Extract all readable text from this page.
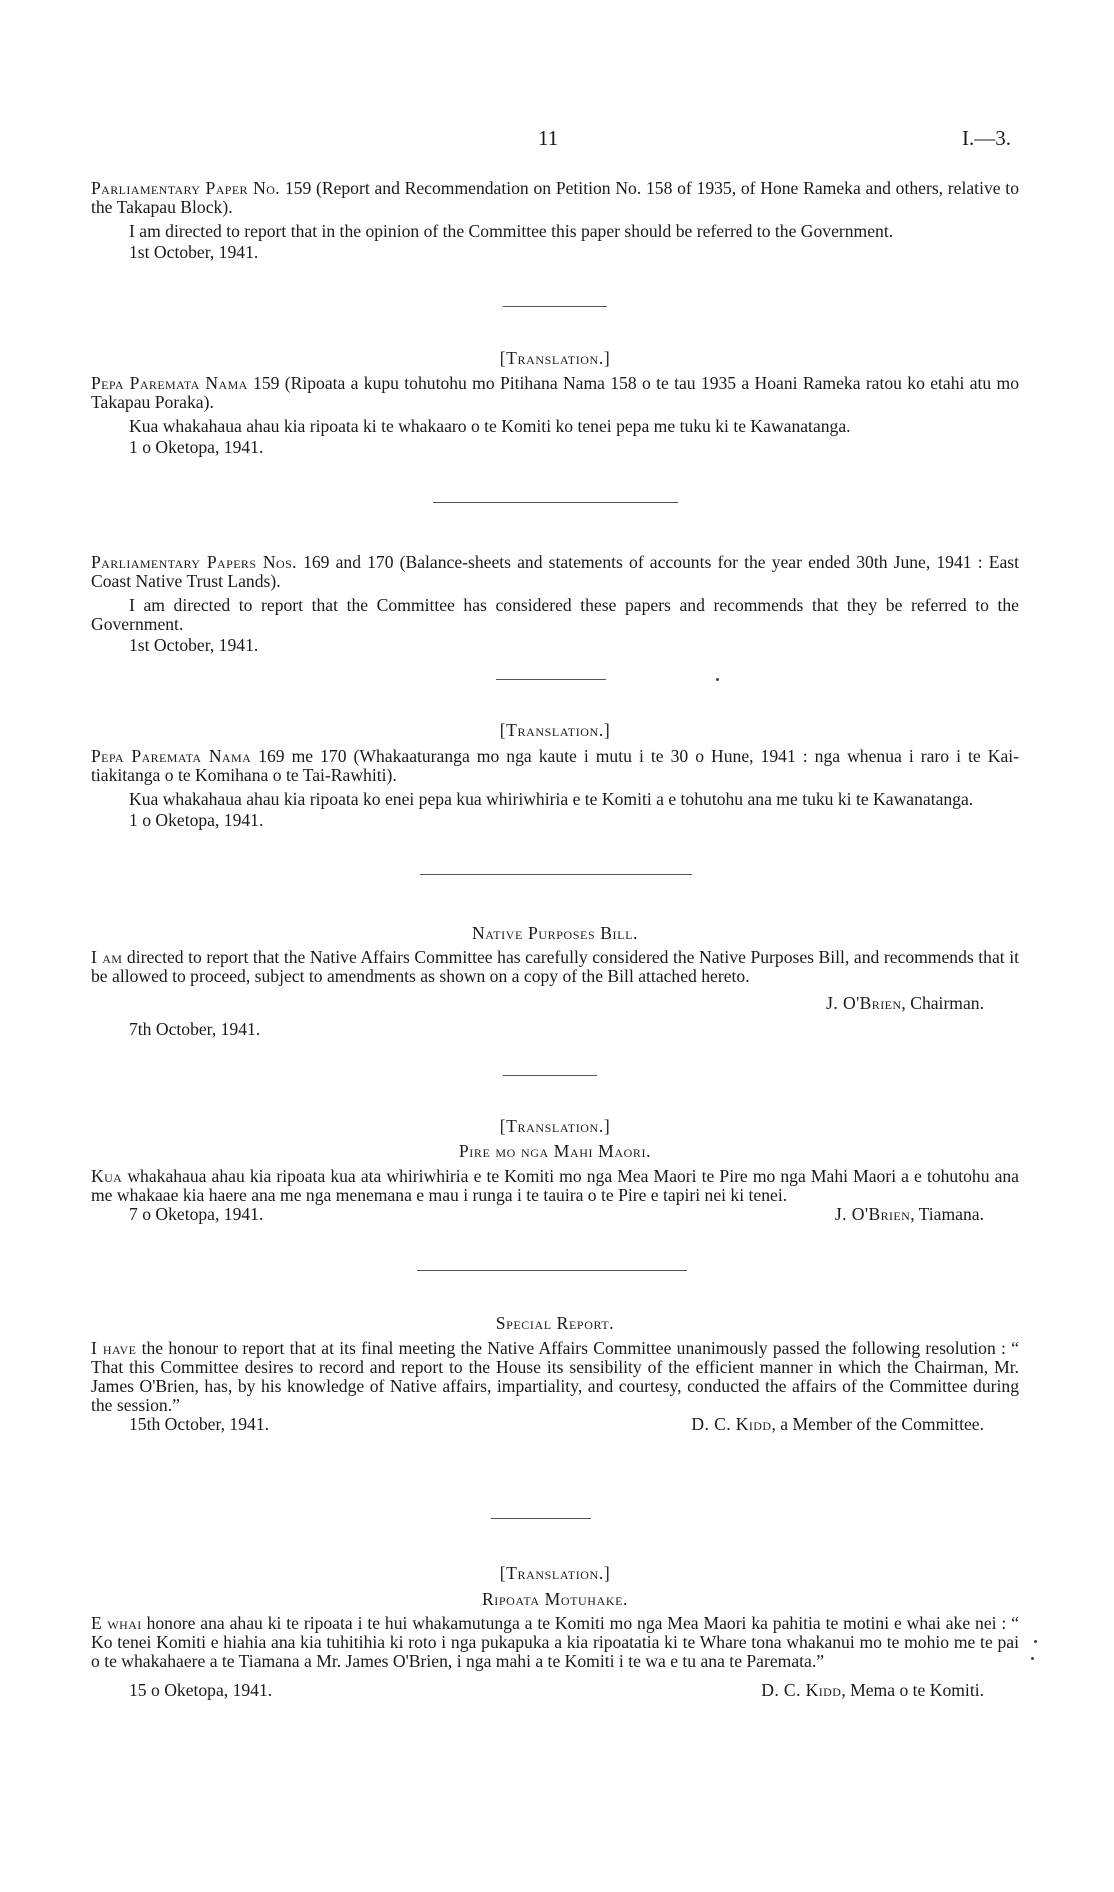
11	I.—3.

Parliamentary Paper No. 159 (Report and Recommendation on Petition No. 158 of 1935, of Hone Rameka and others, relative to the Takapau Block).

I am directed to report that in the opinion of the Committee this paper should be referred to the Government.

1st October, 1941.
[Translation.]

Pepa Paremata Nama 159 (Ripoata a kupu tohutohu mo Pitihana Nama 158 o te tau 1935 a Hoani Rameka ratou ko etahi atu mo Takapau Poraka).

Kua whakahaua ahau kia ripoata ki te whakaaro o te Komiti ko tenei pepa me tuku ki te Kawanatanga.

1 o Oketopa, 1941.

Parliamentary Papers Nos. 169 and 170 (Balance-sheets and statements of accounts for the year ended 30th June, 1941 : East Coast Native Trust Lands).

I am directed to report that the Committee has considered these papers and recommends that they be referred to the Government.

1st October, 1941.
[Translation.]

Pepa Paremata Nama 169 me 170 (Whakaaturanga mo nga kaute i mutu i te 30 o Hune, 1941 : nga whenua i raro i te Kai-tiakitanga o te Komihana o te Tai-Rawhiti).

Kua whakahaua ahau kia ripoata ko enei pepa kua whiriwhiria e te Komiti a e tohutohu ana me tuku ki te Kawanatanga.

1 o Oketopa, 1941.
Native Purposes Bill.

I am directed to report that the Native Affairs Committee has carefully considered the Native Purposes Bill, and recommends that it be allowed to proceed, subject to amendments as shown on a copy of the Bill attached hereto.

J. O'Brien, Chairman.
7th October, 1941.
[Translation.]
Pire mo nga Mahi Maori.

Kua whakahaua ahau kia ripoata kua ata whiriwhiria e te Komiti mo nga Mea Maori te Pire mo nga Mahi Maori a e tohutohu ana me whakaae kia haere ana me nga menemana e mau i runga i te tauira o te Pire e tapiri nei ki tenei.

7 o Oketopa, 1941.	J. O'Brien, Tiamana.
Special Report.

I have the honour to report that at its final meeting the Native Affairs Committee unanimously passed the following resolution : “ That this Committee desires to record and report to the House its sensibility of the efficient manner in which the Chairman, Mr. James O'Brien, has, by his knowledge of Native affairs, impartiality, and courtesy, conducted the affairs of the Committee during the session.”

15th October, 1941.	D. C. Kidd, a Member of the Committee.
[Translation.]
Ripoata Motuhake.

E whai honore ana ahau ki te ripoata i te hui whakamutunga a te Komiti mo nga Mea Maori ka pahitia te motini e whai ake nei : “ Ko tenei Komiti e hiahia ana kia tuhitihia ki roto i nga pukapuka a kia ripoatatia ki te Whare tona whakanui mo te mohio me te pai o te whakahaere a te Tiamana a Mr. James O'Brien, i nga mahi a te Komiti i te wa e tu ana te Paremata.”

15 o Oketopa, 1941.	D. C. Kidd, Mema o te Komiti.
